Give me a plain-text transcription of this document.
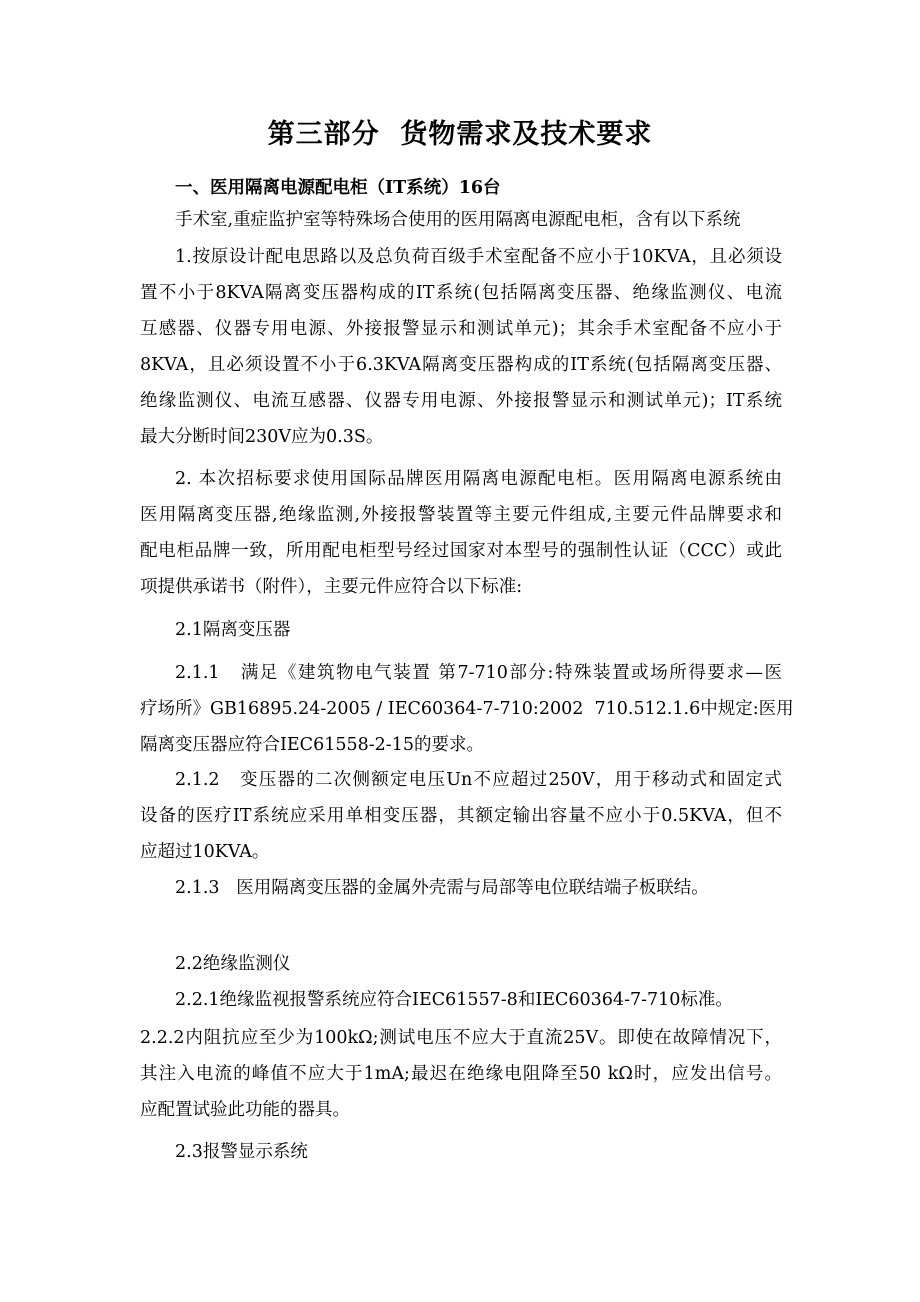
第三部分  货物需求及技术要求
一、医用隔离电源配电柜（IT系统）16台
手术室,重症监护室等特殊场合使用的医用隔离电源配电柜，含有以下系统
1.按原设计配电思路以及总负荷百级手术室配备不应小于10KVA，且必须设
置不小于8KVA隔离变压器构成的IT系统(包括隔离变压器、绝缘监测仪、电流
互感器、仪器专用电源、外接报警显示和测试单元)；其余手术室配备不应小于
8KVA，且必须设置不小于6.3KVA隔离变压器构成的IT系统(包括隔离变压器、
绝缘监测仪、电流互感器、仪器专用电源、外接报警显示和测试单元)；IT系统
最大分断时间230V应为0.3S。
2. 本次招标要求使用国际品牌医用隔离电源配电柜。医用隔离电源系统由
医用隔离变压器,绝缘监测,外接报警装置等主要元件组成,主要元件品牌要求和
配电柜品牌一致，所用配电柜型号经过国家对本型号的强制性认证（CCC）或此
项提供承诺书（附件），主要元件应符合以下标准:
2.1隔离变压器
2.1.1   满足《建筑物电气装置 第7-710部分:特殊装置或场所得要求—医
疗场所》GB16895.24-2005 / IEC60364-7-710:2002  710.512.1.6中规定:医用
隔离变压器应符合IEC61558-2-15的要求。
2.1.2   变压器的二次侧额定电压Un不应超过250V，用于移动式和固定式
设备的医疗IT系统应采用单相变压器，其额定输出容量不应小于0.5KVA，但不
应超过10KVA。
2.1.3   医用隔离变压器的金属外壳需与局部等电位联结端子板联结。
2.2绝缘监测仪
2.2.1绝缘监视报警系统应符合IEC61557-8和IEC60364-7-710标准。
2.2.2内阻抗应至少为100kΩ;测试电压不应大于直流25V。即使在故障情况下，
其注入电流的峰值不应大于1mA;最迟在绝缘电阻降至50 kΩ时，应发出信号。
应配置试验此功能的器具。
2.3报警显示系统
